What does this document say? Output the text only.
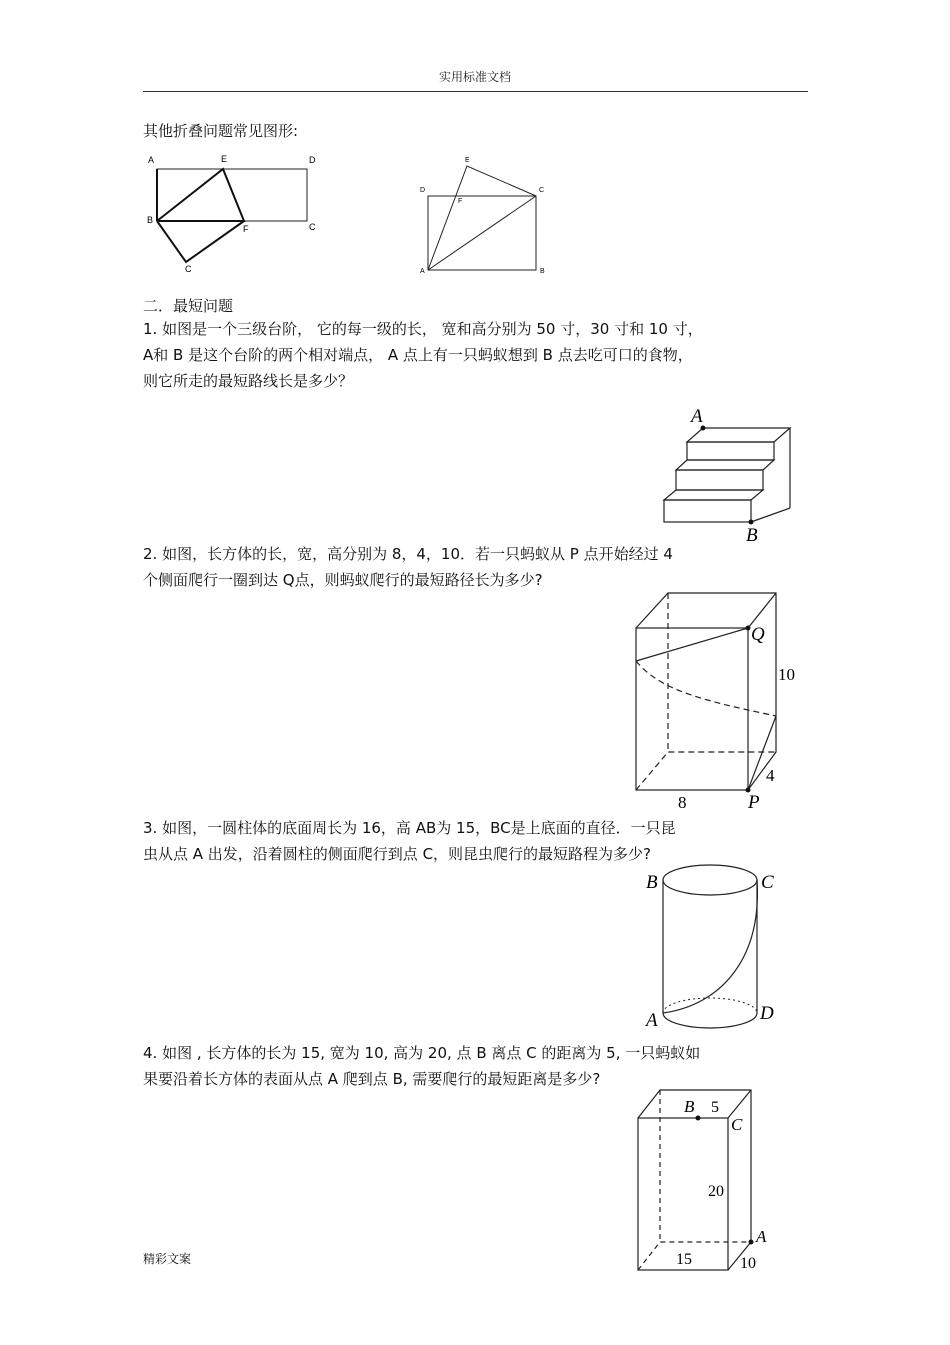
实用标准文档
其他折叠问题常见图形:
A	E	D
B
F	C
C
E
D
F
C
A	B
二．最短问题
1. 如图是一个三级台阶， 它的每一级的长， 宽和高分别为 50 寸，30 寸和 10 寸，
A和 B 是这个台阶的两个相对端点， A 点上有一只蚂蚁想到 B 点去吃可口的食物，
则它所走的最短路线长是多少？
A
B
2. 如图，长方体的长，宽，高分别为 8，4，10．若一只蚂蚁从 P 点开始经过 4
个侧面爬行一圈到达 Q点，则蚂蚁爬行的最短路径长为多少?
Q
P
10
8
4
3. 如图，一圆柱体的底面周长为 16，高 AB为 15，BC是上底面的直径．一只昆
虫从点 A 出发，沿着圆柱的侧面爬行到点 C，则昆虫爬行的最短路程为多少?
B	C
A	D
4. 如图 , 长方体的长为 15, 宽为 10, 高为 20, 点 B 离点 C 的距离为 5, 一只蚂蚁如
果要沿着长方体的表面从点 A 爬到点 B, 需要爬行的最短距离是多少?
B 5
C
20
A
15	10
精彩文案
